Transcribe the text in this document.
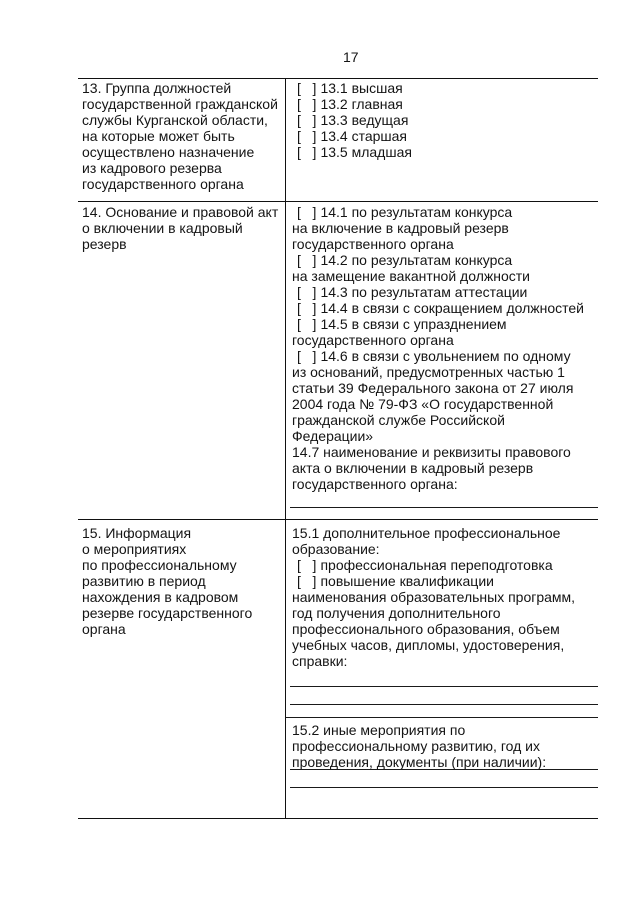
17
13. Группа должностей
государственной гражданской
службы Курганской области,
на которые может быть
осуществлено назначение
из кадрового резерва
государственного органа
[   ] 13.1 высшая
[   ] 13.2 главная
[   ] 13.3 ведущая
[   ] 13.4 старшая
[   ] 13.5 младшая
14. Основание и правовой акт
о включении в кадровый
резерв
[   ] 14.1 по результатам конкурса
на включение в кадровый резерв
государственного органа
[   ] 14.2 по результатам конкурса
на замещение вакантной должности
[   ] 14.3 по результатам аттестации
[   ] 14.4 в связи с сокращением должностей
[   ] 14.5 в связи с упразднением
государственного органа
[   ] 14.6 в связи с увольнением по одному
из оснований, предусмотренных частью 1
статьи 39 Федерального закона от 27 июля
2004 года № 79-ФЗ «О государственной
гражданской службе Российской
Федерации»
14.7 наименование и реквизиты правового
акта о включении в кадровый резерв
государственного органа:
15. Информация
о мероприятиях
по профессиональному
развитию в период
нахождения в кадровом
резерве государственного
органа
15.1 дополнительное профессиональное
образование:
[   ] профессиональная переподготовка
[   ] повышение квалификации
наименования образовательных программ,
год получения дополнительного
профессионального образования, объем
учебных часов, дипломы, удостоверения,
справки:
15.2 иные мероприятия по
профессиональному развитию, год их
проведения, документы (при наличии):
